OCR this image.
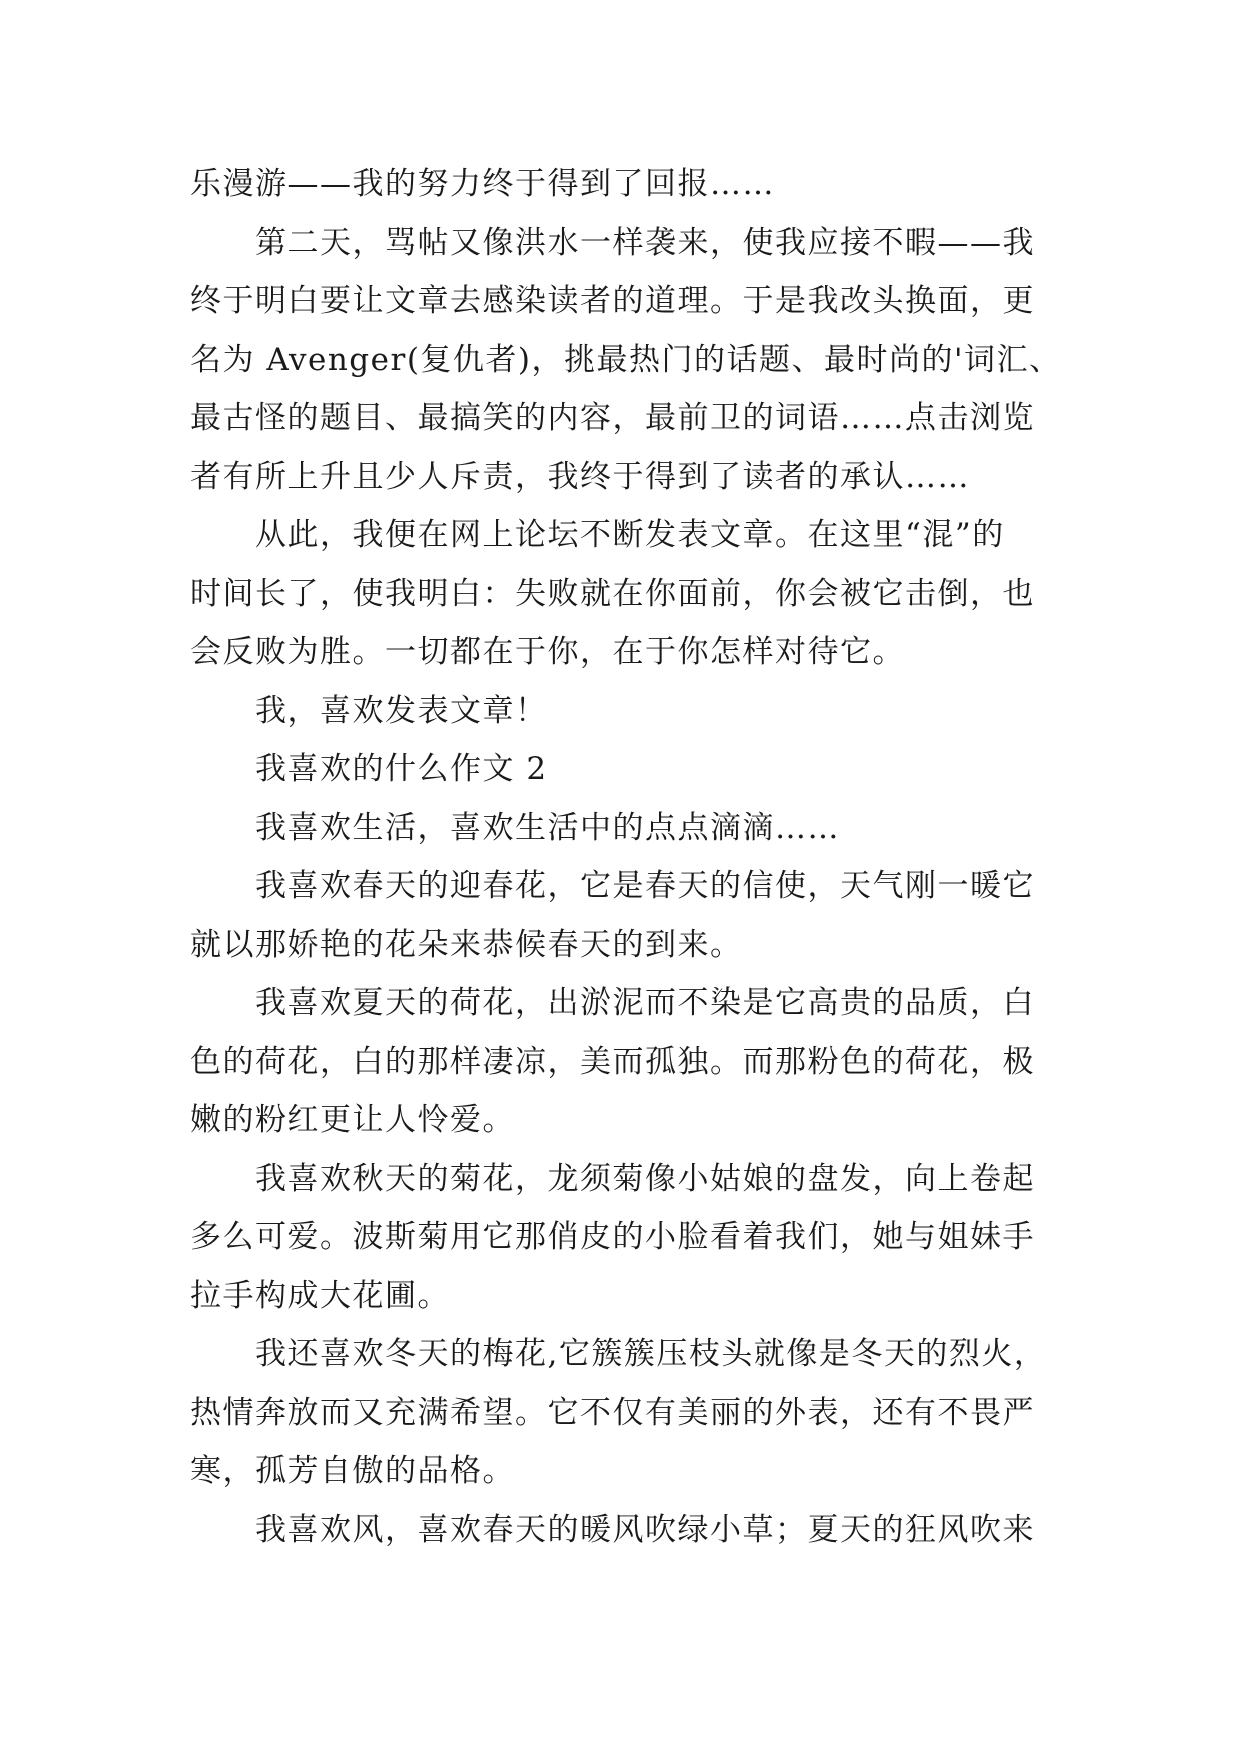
乐漫游——我的努力终于得到了回报……
　　第二天，骂帖又像洪水一样袭来，使我应接不暇——我
终于明白要让文章去感染读者的道理。于是我改头换面，更
名为 Avenger(复仇者)，挑最热门的话题、最时尚的'词汇、
最古怪的题目、最搞笑的内容，最前卫的词语……点击浏览
者有所上升且少人斥责，我终于得到了读者的承认……
　　从此，我便在网上论坛不断发表文章。在这里“混”的
时间长了，使我明白：失败就在你面前，你会被它击倒，也
会反败为胜。一切都在于你，在于你怎样对待它。
　　我，喜欢发表文章！
　　我喜欢的什么作文 2
　　我喜欢生活，喜欢生活中的点点滴滴……
　　我喜欢春天的迎春花，它是春天的信使，天气刚一暖它
就以那娇艳的花朵来恭候春天的到来。
　　我喜欢夏天的荷花，出淤泥而不染是它高贵的品质，白
色的荷花，白的那样凄凉，美而孤独。而那粉色的荷花，极
嫩的粉红更让人怜爱。
　　我喜欢秋天的菊花，龙须菊像小姑娘的盘发，向上卷起
多么可爱。波斯菊用它那俏皮的小脸看着我们，她与姐妹手
拉手构成大花圃。
　　我还喜欢冬天的梅花,它簇簇压枝头就像是冬天的烈火，
热情奔放而又充满希望。它不仅有美丽的外表，还有不畏严
寒，孤芳自傲的品格。
　　我喜欢风，喜欢春天的暖风吹绿小草；夏天的狂风吹来
